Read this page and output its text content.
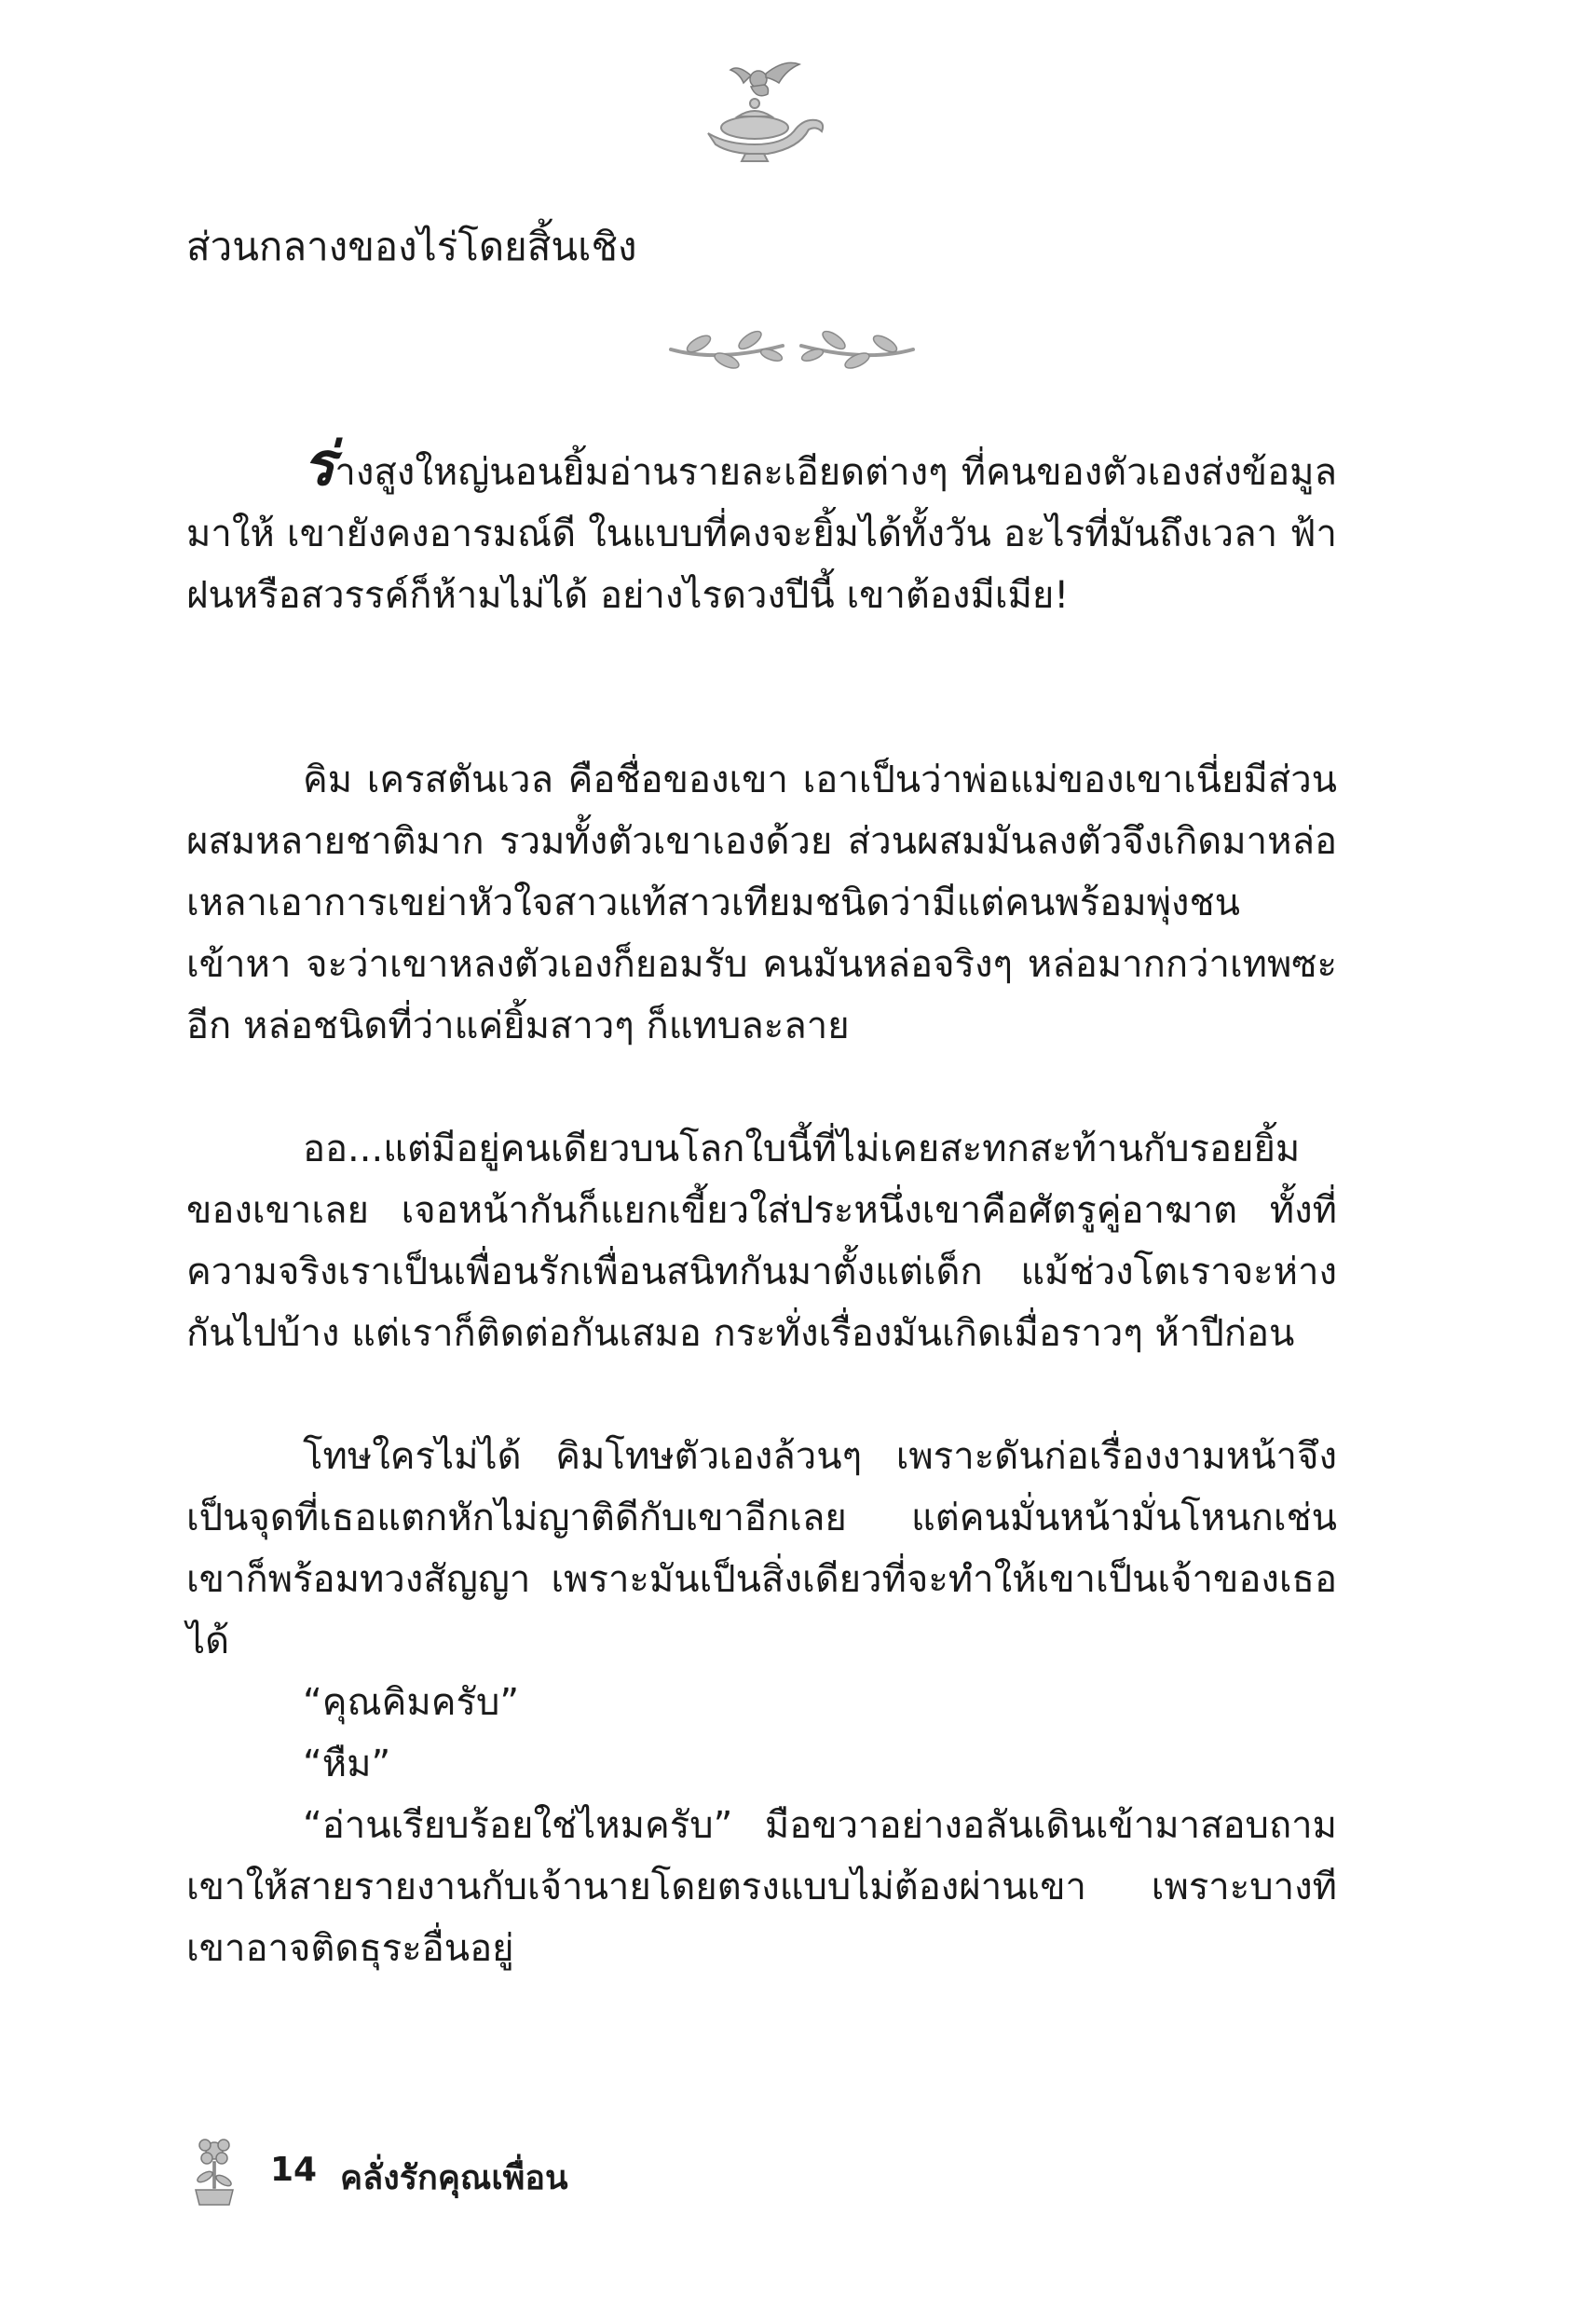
ส่วนกลางของไร่โดยสิ้นเชิง
ร่างสูงใหญ่นอนยิ้มอ่านรายละเอียดต่างๆ ที่คนของตัวเองส่งข้อมูลมาให้ เขายังคงอารมณ์ดี ในแบบที่คงจะยิ้มได้ทั้งวัน อะไรที่มันถึงเวลา ฟ้าฝนหรือสวรรค์ก็ห้ามไม่ได้ อย่างไรดวงปีนี้ เขาต้องมีเมีย!
คิม เครสตันเวล คือชื่อของเขา เอาเป็นว่าพ่อแม่ของเขาเนี่ยมีส่วนผสมหลายชาติมาก รวมทั้งตัวเขาเองด้วย ส่วนผสมมันลงตัวจึงเกิดมาหล่อเหลาเอาการเขย่าหัวใจสาวแท้สาวเทียมชนิดว่ามีแต่คนพร้อมพุ่งชนเข้าหา จะว่าเขาหลงตัวเองก็ยอมรับ คนมันหล่อจริงๆ หล่อมากกว่าเทพซะอีก หล่อชนิดที่ว่าแค่ยิ้มสาวๆ ก็แทบละลาย
ออ...แต่มีอยู่คนเดียวบนโลกใบนี้ที่ไม่เคยสะทกสะท้านกับรอยยิ้มของเขาเลย เจอหน้ากันก็แยกเขี้ยวใส่ประหนึ่งเขาคือศัตรูคู่อาฆาต ทั้งที่ความจริงเราเป็นเพื่อนรักเพื่อนสนิทกันมาตั้งแต่เด็ก แม้ช่วงโตเราจะห่างกันไปบ้าง แต่เราก็ติดต่อกันเสมอ กระทั่งเรื่องมันเกิดเมื่อราวๆ ห้าปีก่อน
โทษใครไม่ได้ คิมโทษตัวเองล้วนๆ เพราะดันก่อเรื่องงามหน้าจึงเป็นจุดที่เธอแตกหักไม่ญาติดีกับเขาอีกเลย แต่คนมั่นหน้ามั่นโหนกเช่นเขาก็พร้อมทวงสัญญา เพราะมันเป็นสิ่งเดียวที่จะทำให้เขาเป็นเจ้าของเธอได้
“คุณคิมครับ”
“หืม”
“อ่านเรียบร้อยใช่ไหมครับ” มือขวาอย่างอลันเดินเข้ามาสอบถามเขาให้สายรายงานกับเจ้านายโดยตรงแบบไม่ต้องผ่านเขา เพราะบางทีเขาอาจติดธุระอื่นอยู่
14 คลั่งรักคุณเพื่อน
